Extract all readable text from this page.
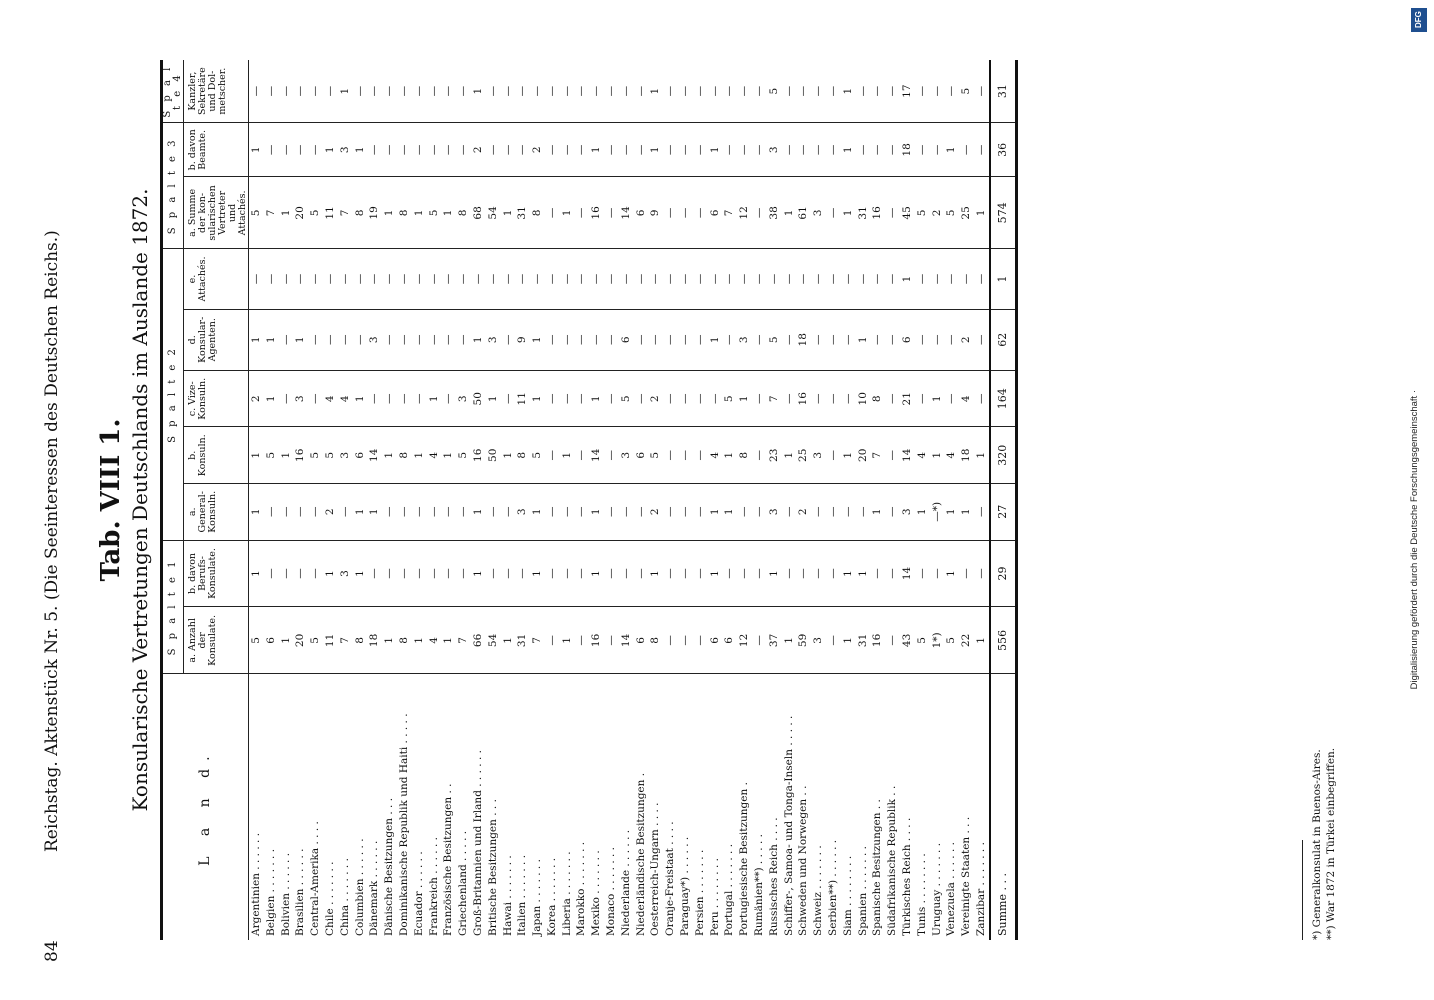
84
Reichstag. Aktenstück Nr. 5. (Die Seeinteressen des Deutschen Reichs.) Tab. VIII 1. Konsularische Vertretungen Deutschlands im Auslande 1872.	L a n d.	S p a l t e 1		S p a l t e 2					S p a l t e 3		S p a l t e 4
	a. Anzahl der Konsulate.	b. davon Berufs-Konsulate.	a. General-Konsuln.	b. Konsuln.	c. Vize-Konsuln.	d. Konsular-Agenten.	e. Attachés.	a. Summe der kon-sularischen Vertreter und Attachés.	b. davon Beamte.	Kanzler, Sekretäre und Dol-metscher.
Argentinien . . . . . .	5	1	1	1	2	1	—	5	1	—
Belgien . . . . . . .	6	—	—	5	1	1	—	7	—	—
Bolivien . . . . . .	1	—	—	1	—	—	—	1	—	—
Brasilien . . . . . .	20	—	—	16	3	1	—	20	—	—
Central-Amerika . . . .	5	—	—	5	—	—	—	5	—	—
Chile . . . . . . .	11	1	2	5	4	—	—	11	1	—
China . . . . . . .	7	3	—	3	4	—	—	7	3	1
Columbien . . . . . .	8	1	1	6	1	—	—	8	1	—
Dänemark . . . . . .	18	—	1	14	—	3	—	19	—	—
Dänische Besitzungen . . .	1	—	—	1	—	—	—	1	—	—
Dominikanische Republik und Haiti . . . . .	8	—	—	8	—	—	—	8	—	—
Ecuador . . . . . .	1	—	—	1	—	—	—	1	—	—
Frankreich . . . . . .	4	—	—	4	1	—	—	5	—	—
Französische Besitzungen . .	1	—	—	1	—	—	—	1	—	—
Griechenland . . . . .	7	—	—	5	3	—	—	8	—	—
Groß-Britannien und Irland . . . . . .	66	1	1	16	50	1	—	68	2	1
Britische Besitzungen . . .	54	—	—	50	1	3	—	54	—	—
Hawai . . . . . . .	1	—	—	1	—	—	—	1	—	—
Italien . . . . . . .	31	—	3	8	11	9	—	31	—	—
Japan . . . . . . .	7	1	1	5	1	1	—	8	2	—
Korea . . . . . . .	—	—	—	—	—	—	—	—	—	—
Liberia . . . . . . .	1	—	—	1	—	—	—	1	—	—
Marokko . . . . . . .	—	—	—	—	—	—	—	—	—	—
Mexiko . . . . . . .	16	1	1	14	1	—	—	16	1	—
Monaco . . . . . . .	—	—	—	—	—	—	—	—	—	—
Niederlande . . . . . .	14	—	—	3	5	6	—	14	—	—
Niederländische Besitzungen .	6	—	—	6	—	—	—	6	—	—
Oesterreich-Ungarn . . . .	8	1	2	5	2	—	—	9	1	1
Oranje-Freistaat . . . .	—	—	—	—	—	—	—	—	—	—
Paraguay*) . . . . . .	—	—	—	—	—	—	—	—	—	—
Persien . . . . . . .	—	—	—	—	—	—	—	—	—	—
Peru . . . . . . . .	6	1	1	4	—	1	—	6	1	—
Portugal . . . . . . .	6	—	1	1	5	—	—	7	—	—
Portugiesische Besitzungen .	12	—	—	8	1	3	—	12	—	—
Rumänien**) . . . . .	—	—	—	—	—	—	—	—	—	—
Russisches Reich . . . .	37	1	3	23	7	5	—	38	3	5
Schiffer-, Samoa- und Tonga-Inseln . . . . .	1	—	—	1	—	—	—	1	—	—
Schweden und Norwegen . .	59	—	2	25	16	18	—	61	—	—
Schweiz . . . . . . .	3	—	—	3	—	—	—	3	—	—
Serbien**) . . . . . .	—	—	—	—	—	—	—	—	—	—
Siam . . . . . . . .	1	1	—	1	—	—	—	1	1	1
Spanien . . . . . . .	31	1	—	20	10	1	—	31	—	—
Spanische Besitzungen . .	16	—	1	7	8	—	—	16	—	—
Südafrikanische Republik . .	—	—	—	—	—	—	—	—	—	—
Türkisches Reich . . . .	43	14	3	14	21	6	1	45	18	17
Tunis . . . . . . . .	5	—	1	4	—	—	—	5	—	—
Uruguay . . . . . . .	1*)	—	—*)	1	1	—	—	2	—	—
Venezuela . . . . . .	5	1	1	4	—	—	—	5	1	—
Vereinigte Staaten . . .	22	—	1	18	4	2	—	25	—	5
Zanzibar . . . . . . .	1	—	—	1	—	—	—	1	—	—
Summe . . .	556	29	27	320	164	62	1	574	36	31
*) Generalkonsulat in Buenos-Aires. **) War 1872 in Türkei einbegriffen.
DFG
Digitalisierung gefördert durch die Deutsche Forschungsgemeinschaft ·
